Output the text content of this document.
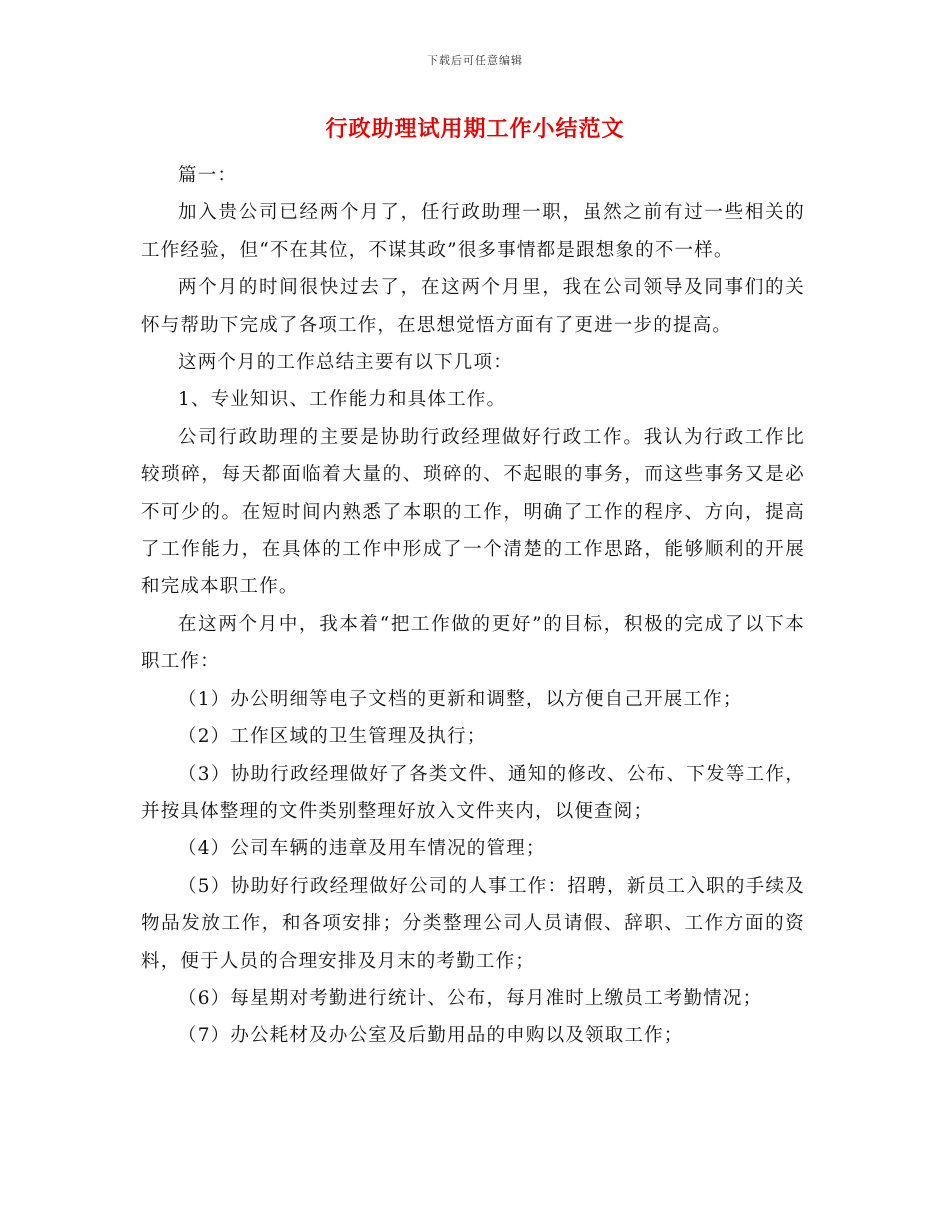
下载后可任意编辑
行政助理试用期工作小结范文

篇一：

加入贵公司已经两个月了，任行政助理一职，虽然之前有过一些相关的工作经验，但“不在其位，不谋其政”很多事情都是跟想象的不一样。

两个月的时间很快过去了，在这两个月里，我在公司领导及同事们的关怀与帮助下完成了各项工作，在思想觉悟方面有了更进一步的提高。

这两个月的工作总结主要有以下几项：

1、专业知识、工作能力和具体工作。

公司行政助理的主要是协助行政经理做好行政工作。我认为行政工作比较琐碎，每天都面临着大量的、琐碎的、不起眼的事务，而这些事务又是必不可少的。在短时间内熟悉了本职的工作，明确了工作的程序、方向，提高了工作能力，在具体的工作中形成了一个清楚的工作思路，能够顺利的开展和完成本职工作。

在这两个月中，我本着“把工作做的更好”的目标，积极的完成了以下本职工作：

（1）办公明细等电子文档的更新和调整，以方便自己开展工作；

（2）工作区域的卫生管理及执行；

（3）协助行政经理做好了各类文件、通知的修改、公布、下发等工作，并按具体整理的文件类别整理好放入文件夹内，以便查阅；

（4）公司车辆的违章及用车情况的管理；

（5）协助好行政经理做好公司的人事工作：招聘，新员工入职的手续及物品发放工作，和各项安排；分类整理公司人员请假、辞职、工作方面的资料，便于人员的合理安排及月末的考勤工作；

（6）每星期对考勤进行统计、公布，每月准时上缴员工考勤情况；

（7）办公耗材及办公室及后勤用品的申购以及领取工作；
